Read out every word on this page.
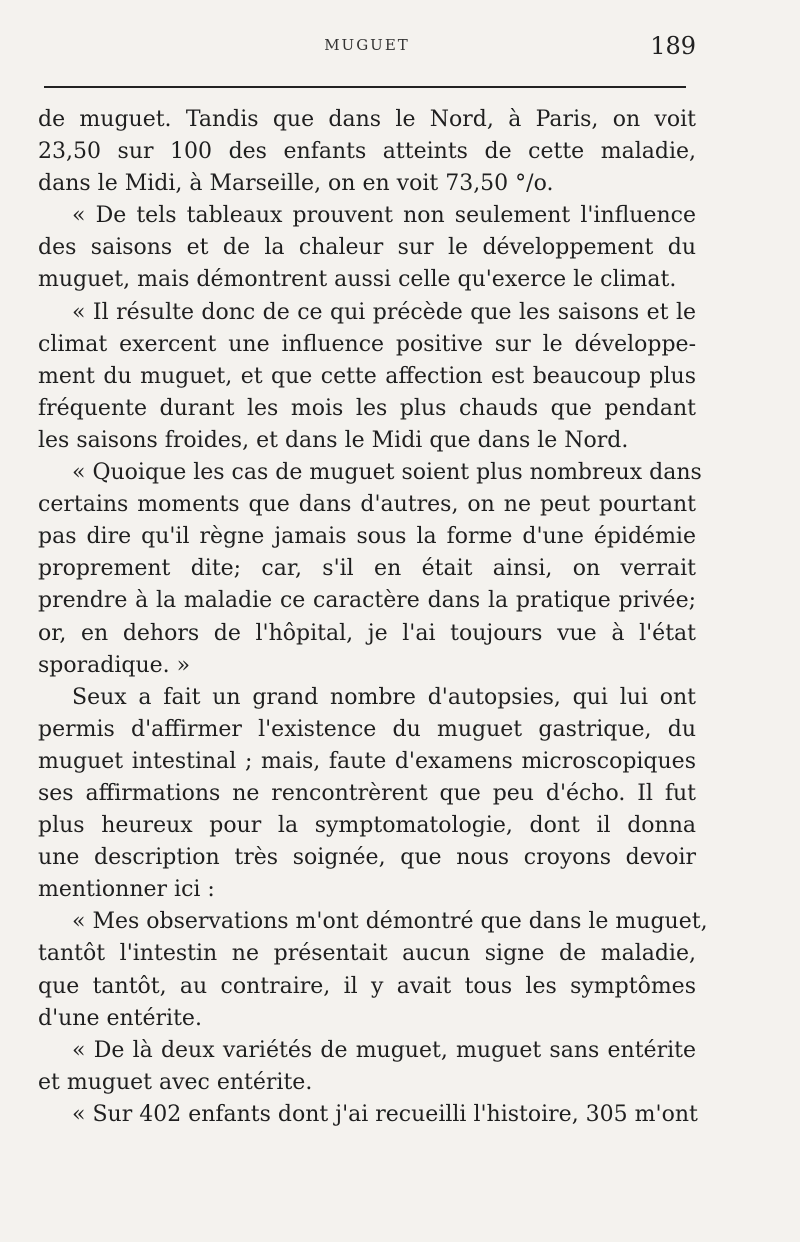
MUGUET	189
de muguet. Tandis que dans le Nord, à Paris, on voit
23,50 sur 100 des enfants atteints de cette maladie,
dans le Midi, à Marseille, on en voit 73,50 °/o.
« De tels tableaux prouvent non seulement l'influence
des saisons et de la chaleur sur le développement du
muguet, mais démontrent aussi celle qu'exerce le climat.
« Il résulte donc de ce qui précède que les saisons et le
climat exercent une influence positive sur le développe-
ment du muguet, et que cette affection est beaucoup plus
fréquente durant les mois les plus chauds que pendant
les saisons froides, et dans le Midi que dans le Nord.
« Quoique les cas de muguet soient plus nombreux dans
certains moments que dans d'autres, on ne peut pourtant
pas dire qu'il règne jamais sous la forme d'une épidémie
proprement dite; car, s'il en était ainsi, on verrait
prendre à la maladie ce caractère dans la pratique privée;
or, en dehors de l'hôpital, je l'ai toujours vue à l'état
sporadique. »
Seux a fait un grand nombre d'autopsies, qui lui ont
permis d'affirmer l'existence du muguet gastrique, du
muguet intestinal ; mais, faute d'examens microscopiques
ses affirmations ne rencontrèrent que peu d'écho. Il fut
plus heureux pour la symptomatologie, dont il donna
une description très soignée, que nous croyons devoir
mentionner ici :
« Mes observations m'ont démontré que dans le muguet,
tantôt l'intestin ne présentait aucun signe de maladie,
que tantôt, au contraire, il y avait tous les symptômes
d'une entérite.
« De là deux variétés de muguet, muguet sans entérite
et muguet avec entérite.
« Sur 402 enfants dont j'ai recueilli l'histoire, 305 m'ont
